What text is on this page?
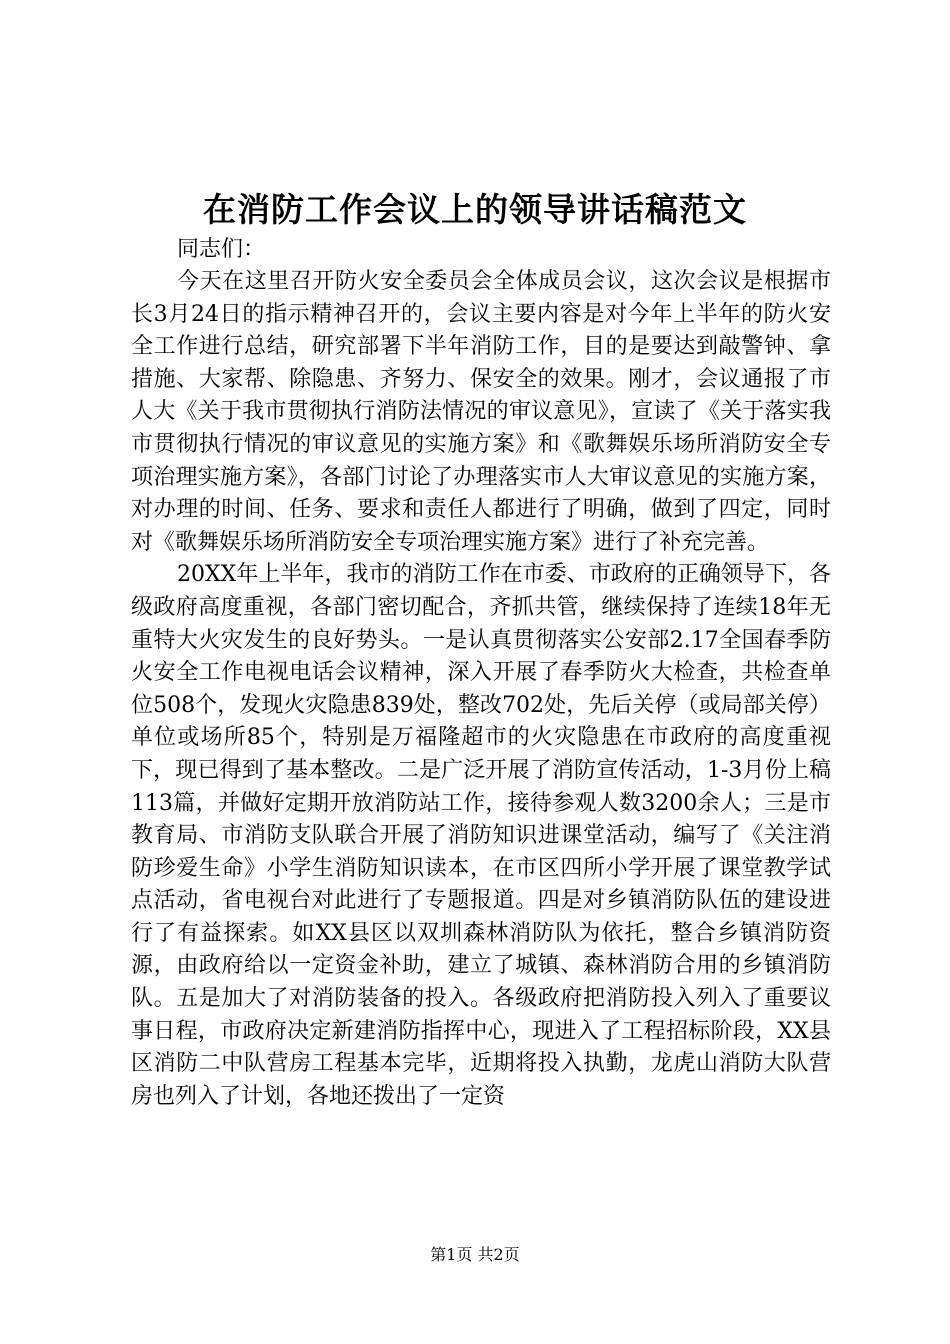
在消防工作会议上的领导讲话稿范文

同志们：

今天在这里召开防火安全委员会全体成员会议，这次会议是根据市长3月24日的指示精神召开的，会议主要内容是对今年上半年的防火安全工作进行总结，研究部署下半年消防工作，目的是要达到敲警钟、拿措施、大家帮、除隐患、齐努力、保安全的效果。刚才，会议通报了市人大《关于我市贯彻执行消防法情况的审议意见》，宣读了《关于落实我市贯彻执行情况的审议意见的实施方案》和《歌舞娱乐场所消防安全专项治理实施方案》，各部门讨论了办理落实市人大审议意见的实施方案，对办理的时间、任务、要求和责任人都进行了明确，做到了四定，同时对《歌舞娱乐场所消防安全专项治理实施方案》进行了补充完善。

20XX年上半年，我市的消防工作在市委、市政府的正确领导下，各级政府高度重视，各部门密切配合，齐抓共管，继续保持了连续18年无重特大火灾发生的良好势头。一是认真贯彻落实公安部2.17全国春季防火安全工作电视电话会议精神，深入开展了春季防火大检查，共检查单位508个，发现火灾隐患839处，整改702处，先后关停（或局部关停）单位或场所85个，特别是万福隆超市的火灾隐患在市政府的高度重视下，现已得到了基本整改。二是广泛开展了消防宣传活动，1-3月份上稿113篇，并做好定期开放消防站工作，接待参观人数3200余人；三是市教育局、市消防支队联合开展了消防知识进课堂活动，编写了《关注消防珍爱生命》小学生消防知识读本，在市区四所小学开展了课堂教学试点活动，省电视台对此进行了专题报道。四是对乡镇消防队伍的建设进行了有益探索。如XX县区以双圳森林消防队为依托，整合乡镇消防资源，由政府给以一定资金补助，建立了城镇、森林消防合用的乡镇消防队。五是加大了对消防装备的投入。各级政府把消防投入列入了重要议事日程，市政府决定新建消防指挥中心，现进入了工程招标阶段，XX县区消防二中队营房工程基本完毕，近期将投入执勤，龙虎山消防大队营房也列入了计划，各地还拨出了一定资

第1页 共2页
